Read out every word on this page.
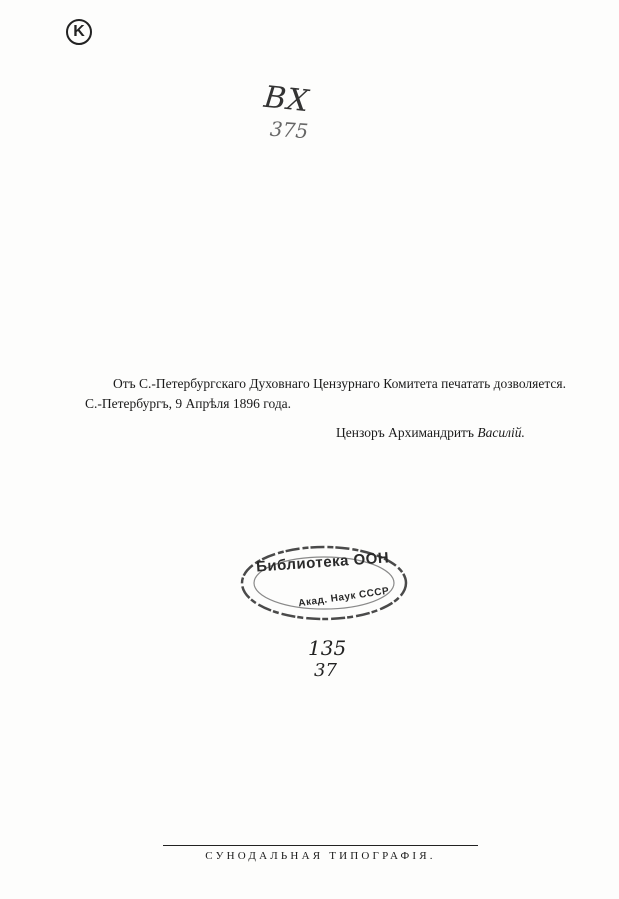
K
ВХ
375
Отъ С.-Петербургскаго Духовнаго Цензурнаго Комитета печатать дозволяется.
С.-Петербургъ, 9 Апрѣля 1896 года.
Цензоръ Архимандритъ Василій.
Библиотека ООН
Акад. Наук СССР
135
37
СУНОДАЛЬНАЯ ТИПОГРАФІЯ.
